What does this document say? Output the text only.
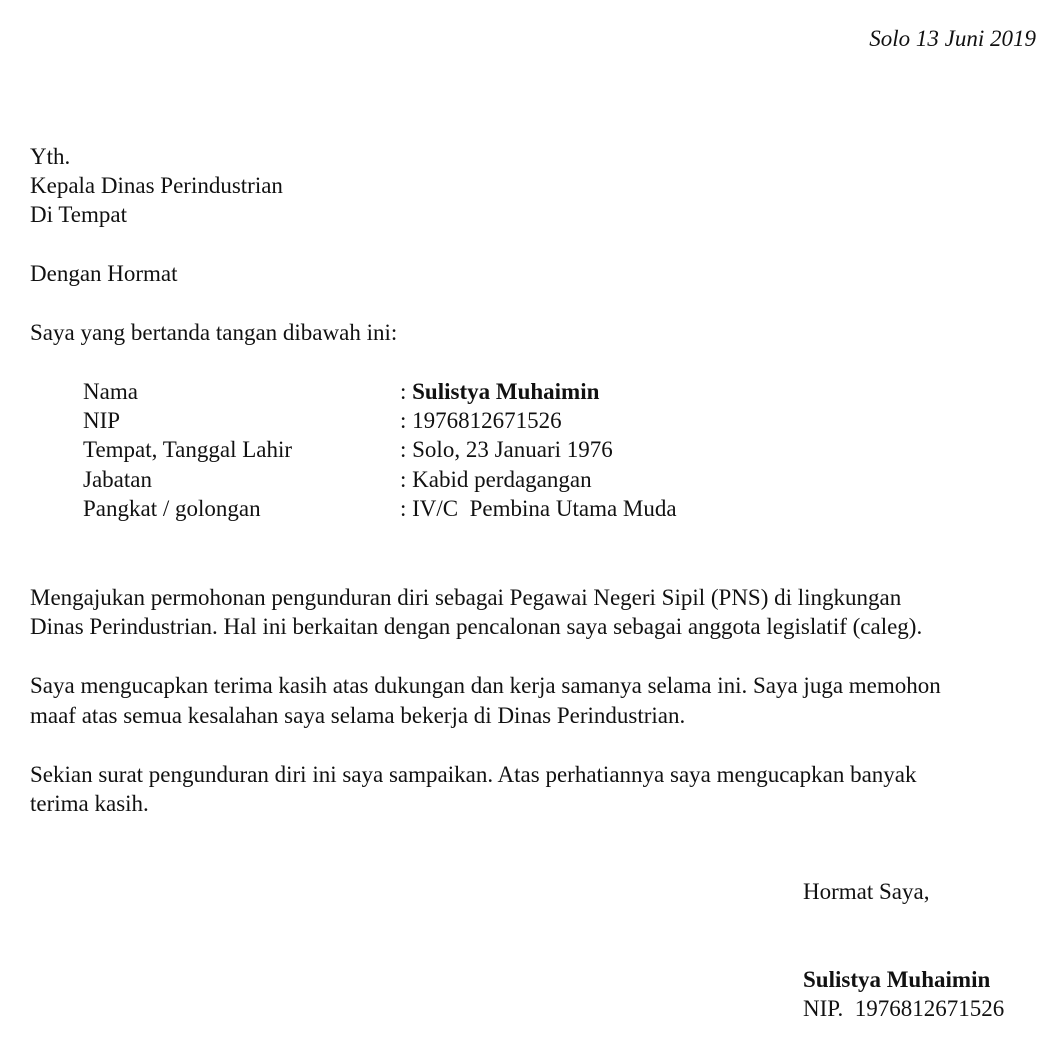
Solo 13 Juni 2019
Yth.
Kepala Dinas Perindustrian
Di Tempat
Dengan Hormat
Saya yang bertanda tangan dibawah ini:
Nama	: Sulistya Muhaimin
NIP	: 1976812671526
Tempat, Tanggal Lahir	: Solo, 23 Januari 1976
Jabatan	: Kabid perdagangan
Pangkat / golongan	: IV/C  Pembina Utama Muda
Mengajukan permohonan pengunduran diri sebagai Pegawai Negeri Sipil (PNS) di lingkungan
Dinas Perindustrian. Hal ini berkaitan dengan pencalonan saya sebagai anggota legislatif (caleg).
Saya mengucapkan terima kasih atas dukungan dan kerja samanya selama ini. Saya juga memohon
maaf atas semua kesalahan saya selama bekerja di Dinas Perindustrian.
Sekian surat pengunduran diri ini saya sampaikan. Atas perhatiannya saya mengucapkan banyak
terima kasih.
Hormat Saya,
Sulistya Muhaimin
NIP.  1976812671526
